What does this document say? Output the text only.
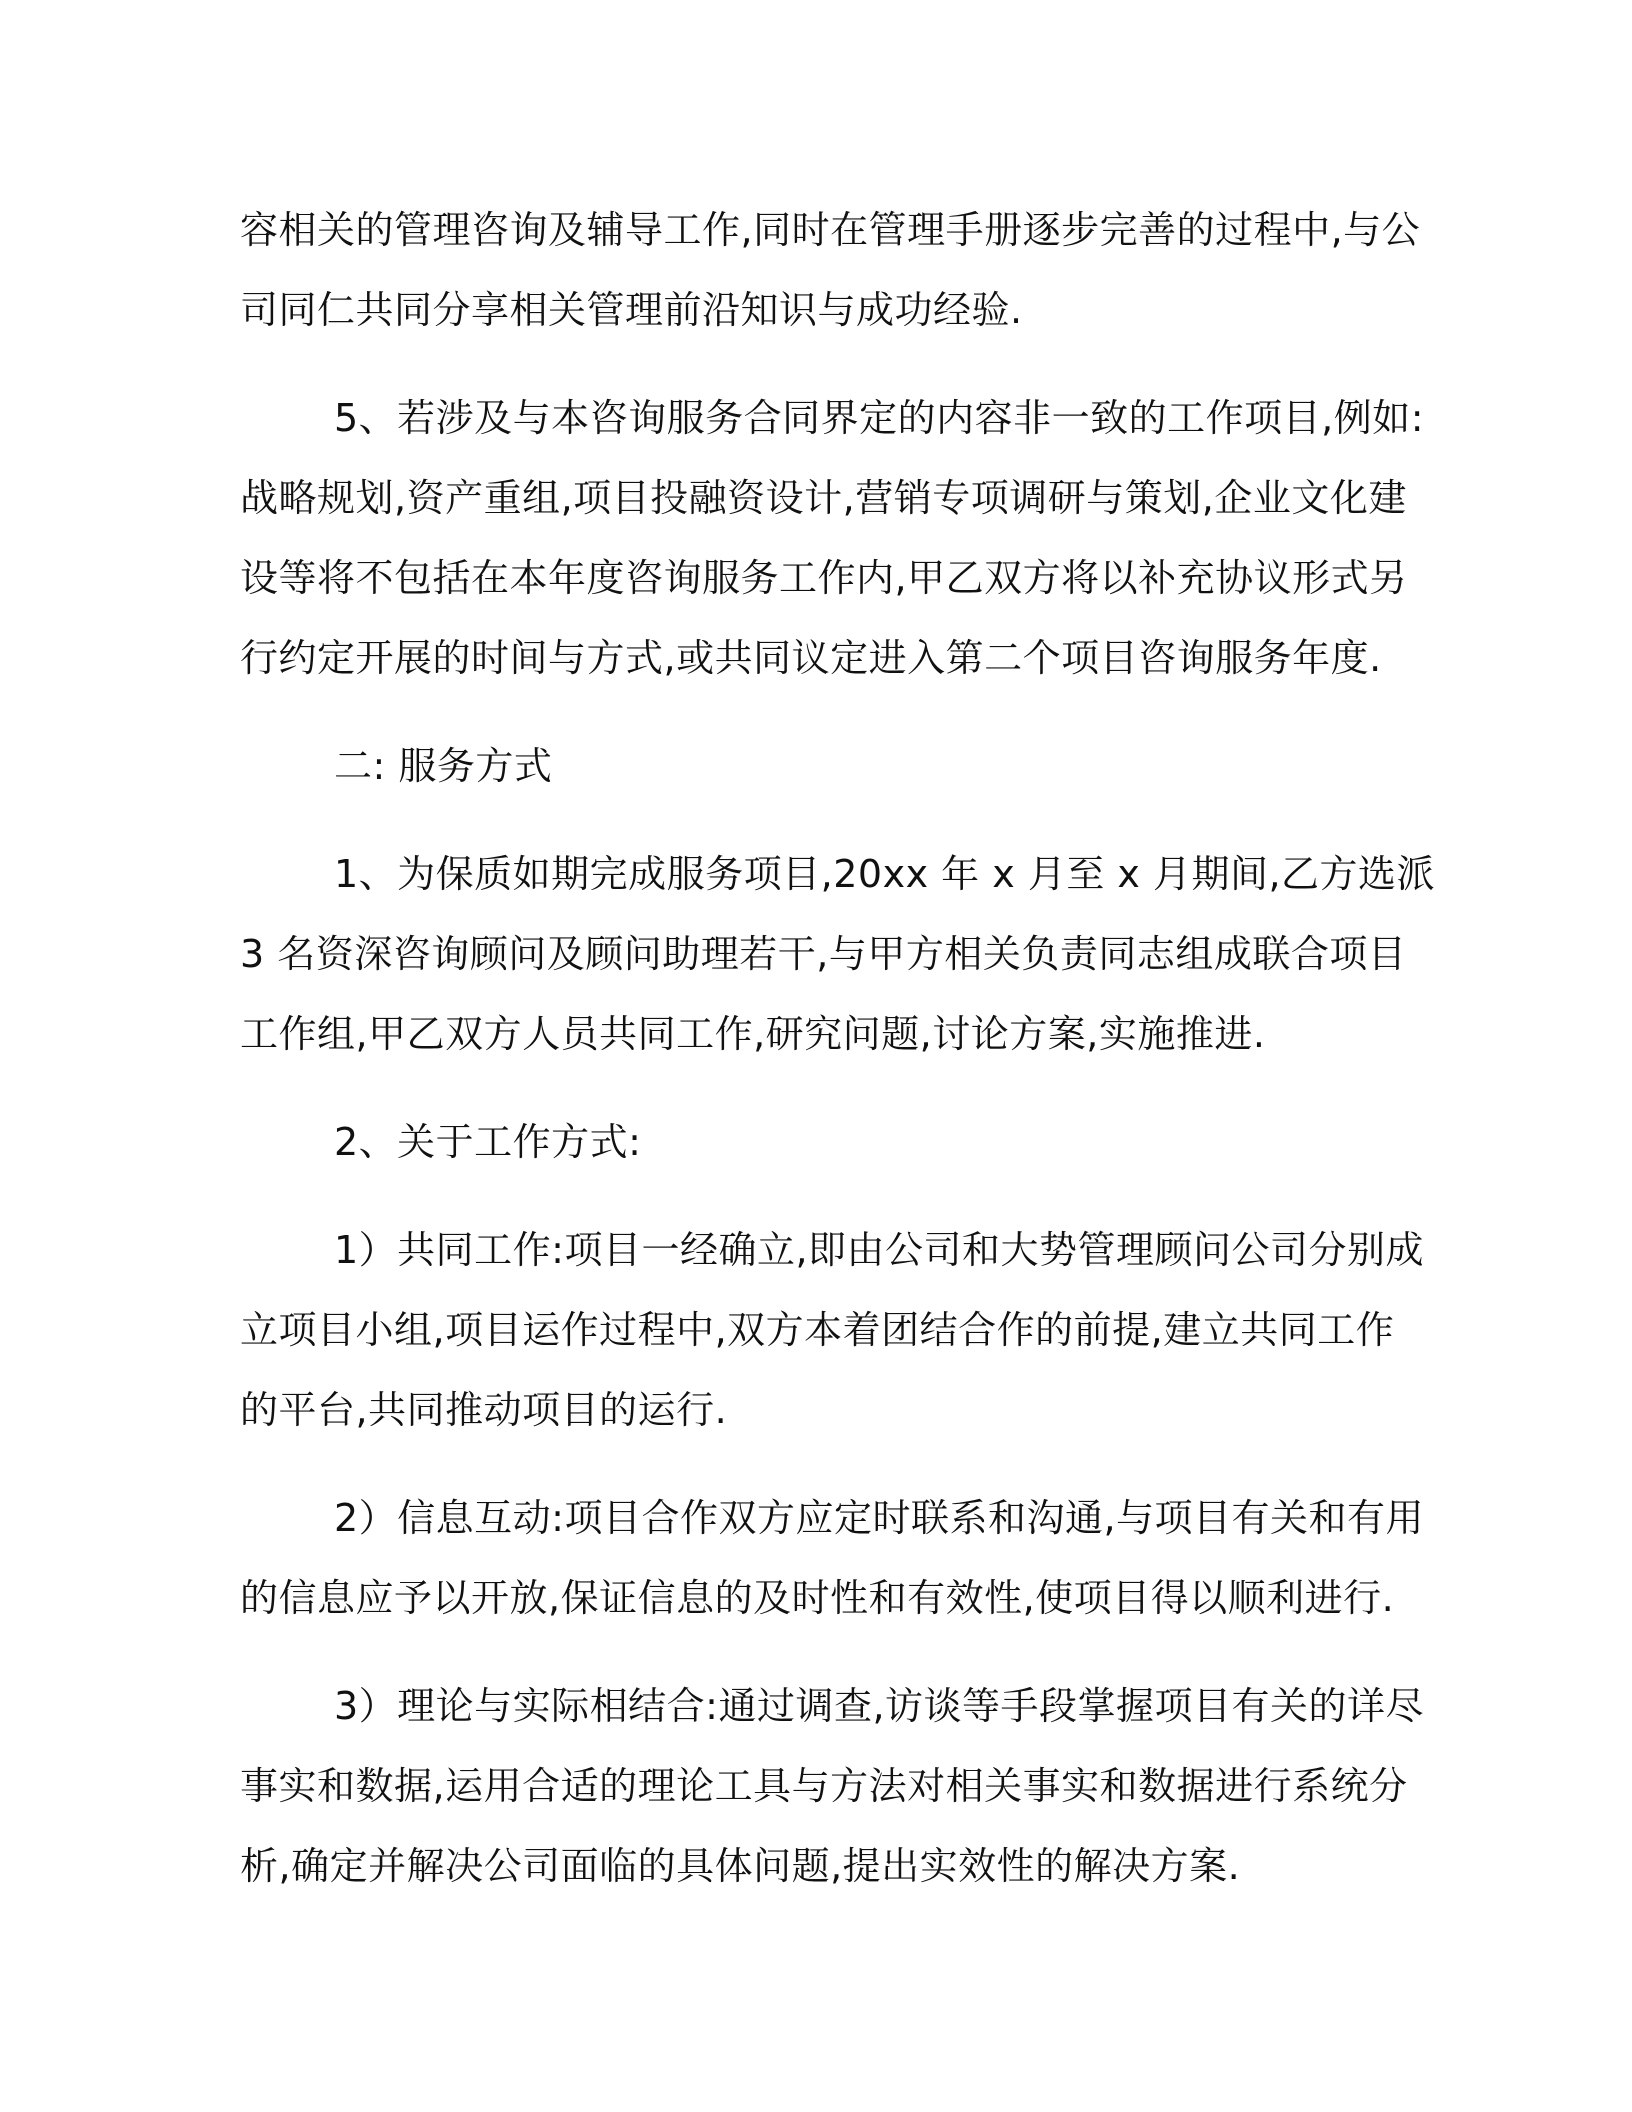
容相关的管理咨询及辅导工作,同时在管理手册逐步完善的过程中,与公
司同仁共同分享相关管理前沿知识与成功经验.
5、若涉及与本咨询服务合同界定的内容非一致的工作项目,例如:
战略规划,资产重组,项目投融资设计,营销专项调研与策划,企业文化建
设等将不包括在本年度咨询服务工作内,甲乙双方将以补充协议形式另
行约定开展的时间与方式,或共同议定进入第二个项目咨询服务年度.
二: 服务方式
1、为保质如期完成服务项目,20xx 年 x 月至 x 月期间,乙方选派
3 名资深咨询顾问及顾问助理若干,与甲方相关负责同志组成联合项目
工作组,甲乙双方人员共同工作,研究问题,讨论方案,实施推进.
2、关于工作方式:
1）共同工作:项目一经确立,即由公司和大势管理顾问公司分别成
立项目小组,项目运作过程中,双方本着团结合作的前提,建立共同工作
的平台,共同推动项目的运行.
2）信息互动:项目合作双方应定时联系和沟通,与项目有关和有用
的信息应予以开放,保证信息的及时性和有效性,使项目得以顺利进行.
3）理论与实际相结合:通过调查,访谈等手段掌握项目有关的详尽
事实和数据,运用合适的理论工具与方法对相关事实和数据进行系统分
析,确定并解决公司面临的具体问题,提出实效性的解决方案.
